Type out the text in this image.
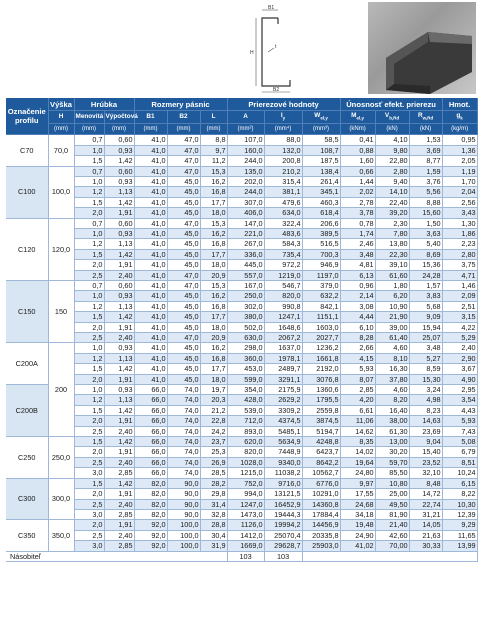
B1
H
t
B2
Označenie profilu	Výška	Hrúbka		Rozmery pásnic			Prierezové hodnoty			Únosnosť efekt. prierezu			Hmot.
	H	Menovitá	Výpočtová	B1	B2	L	A	$I_y$	$W_{el,y}$	$M_{el,y}$	$V_{b,Rd}$	$R_{w,Rd}$	$g_k$
	(mm)	(mm)	(mm)	(mm)	(mm)	(mm)	(mm²)	(mm⁴)	(mm³)	(kNm)	(kN)	(kN)	(kg/m)
C70	70,0	0,7	0,60	41,0	47,0	8,8	107,0	88,0	58,5	0,41	4,10	1,53	0,95
		1,0	0,93	41,0	47,0	9,7	160,0	132,0	108,7	0,88	9,80	3,69	1,36
		1,5	1,42	41,0	47,0	11,2	244,0	200,8	187,5	1,60	22,80	8,77	2,05
C100	100,0	0,7	0,60	41,0	47,0	15,3	135,0	210,2	138,4	0,66	2,80	1,59	1,19
		1,0	0,93	41,0	45,0	16,2	202,0	315,4	261,4	1,44	9,40	3,76	1,70
		1,2	1,13	41,0	45,0	16,8	244,0	381,1	345,1	2,02	14,10	5,56	2,04
		1,5	1,42	41,0	45,0	17,7	307,0	479,6	460,3	2,78	22,40	8,88	2,56
		2,0	1,91	41,0	45,0	18,0	406,0	634,0	618,4	3,78	39,20	15,60	3,43
C120	120,0	0,7	0,60	41,0	47,0	15,3	147,0	322,4	206,6	0,78	2,30	1,50	1,30
		1,0	0,93	41,0	45,0	16,2	221,0	483,6	389,5	1,74	7,80	3,63	1,86
		1,2	1,13	41,0	45,0	16,8	267,0	584,3	516,5	2,46	13,80	5,40	2,23
		1,5	1,42	41,0	45,0	17,7	336,0	735,4	700,3	3,48	22,30	8,69	2,80
		2,0	1,91	41,0	45,0	18,0	445,0	972,2	946,9	4,81	39,10	15,36	3,75
		2,5	2,40	41,0	47,0	20,9	557,0	1219,0	1197,0	6,13	61,60	24,28	4,71
C150	150	0,7	0,60	41,0	47,0	15,3	167,0	546,7	379,0	0,96	1,80	1,57	1,46
		1,0	0,93	41,0	45,0	16,2	250,0	820,0	632,2	2,14	6,20	3,83	2,09
		1,2	1,13	41,0	45,0	16,8	302,0	990,8	842,1	3,08	10,90	5,68	2,51
		1,5	1,42	41,0	45,0	17,7	380,0	1247,1	1151,1	4,44	21,90	9,09	3,15
		2,0	1,91	41,0	45,0	18,0	502,0	1648,6	1603,0	6,10	39,00	15,94	4,22
		2,5	2,40	41,0	47,0	20,9	630,0	2067,2	2027,7	8,28	61,40	25,07	5,29
C200A	200	1,0	0,93	41,0	45,0	16,2	298,0	1637,0	1236,2	2,66	4,60	3,48	2,40
		1,2	1,13	41,0	45,0	16,8	360,0	1978,1	1661,8	4,15	8,10	5,27	2,90
		1,5	1,42	41,0	45,0	17,7	453,0	2489,7	2192,0	5,93	16,30	8,59	3,67
		2,0	1,91	41,0	45,0	18,0	599,0	3291,1	3076,8	8,07	37,80	15,30	4,90
C200B		1,0	0,93	66,0	74,0	19,7	354,0	2175,9	1360,6	2,85	4,60	3,24	2,95
		1,2	1,13	66,0	74,0	20,3	428,0	2629,2	1795,5	4,20	8,20	4,98	3,54
		1,5	1,42	66,0	74,0	21,2	539,0	3309,2	2559,8	6,61	16,40	8,23	4,43
		2,0	1,91	66,0	74,0	22,8	712,0	4374,5	3874,5	11,06	38,00	14,63	5,93
		2,5	2,40	66,0	74,0	24,2	893,0	5485,1	5194,7	14,62	61,30	23,69	7,43
C250	250,0	1,5	1,42	66,0	74,0	23,7	620,0	5634,9	4248,8	8,35	13,00	9,04	5,08
		2,0	1,91	66,0	74,0	25,3	820,0	7448,9	6423,7	14,02	30,20	15,40	6,79
		2,5	2,40	66,0	74,0	26,9	1028,0	9340,0	8642,2	19,64	59,70	23,52	8,51
		3,0	2,85	66,0	74,0	28,5	1215,0	11038,2	10562,7	24,80	85,50	32,10	10,24
C300	300,0	1,5	1,42	82,0	90,0	28,2	752,0	9716,0	6776,0	9,97	10,80	8,48	6,15
		2,0	1,91	82,0	90,0	29,8	994,0	13121,5	10291,0	17,55	25,00	14,72	8,22
		2,5	2,40	82,0	90,0	31,4	1247,0	16452,9	14360,8	24,68	49,50	22,74	10,30
		3,0	2,85	82,0	90,0	32,8	1473,0	19444,3	17884,4	34,18	81,90	31,21	12,39
C350	350,0	2,0	1,91	92,0	100,0	28,8	1126,0	19994,2	14456,9	19,48	21,40	14,05	9,29
		2,5	2,40	92,0	100,0	30,4	1412,0	25070,4	20335,8	24,90	42,60	21,63	11,65
		3,0	2,85	92,0	100,0	31,9	1669,0	29628,7	25903,0	41,02	70,00	30,33	13,99
Násobiteľ							103	103					
